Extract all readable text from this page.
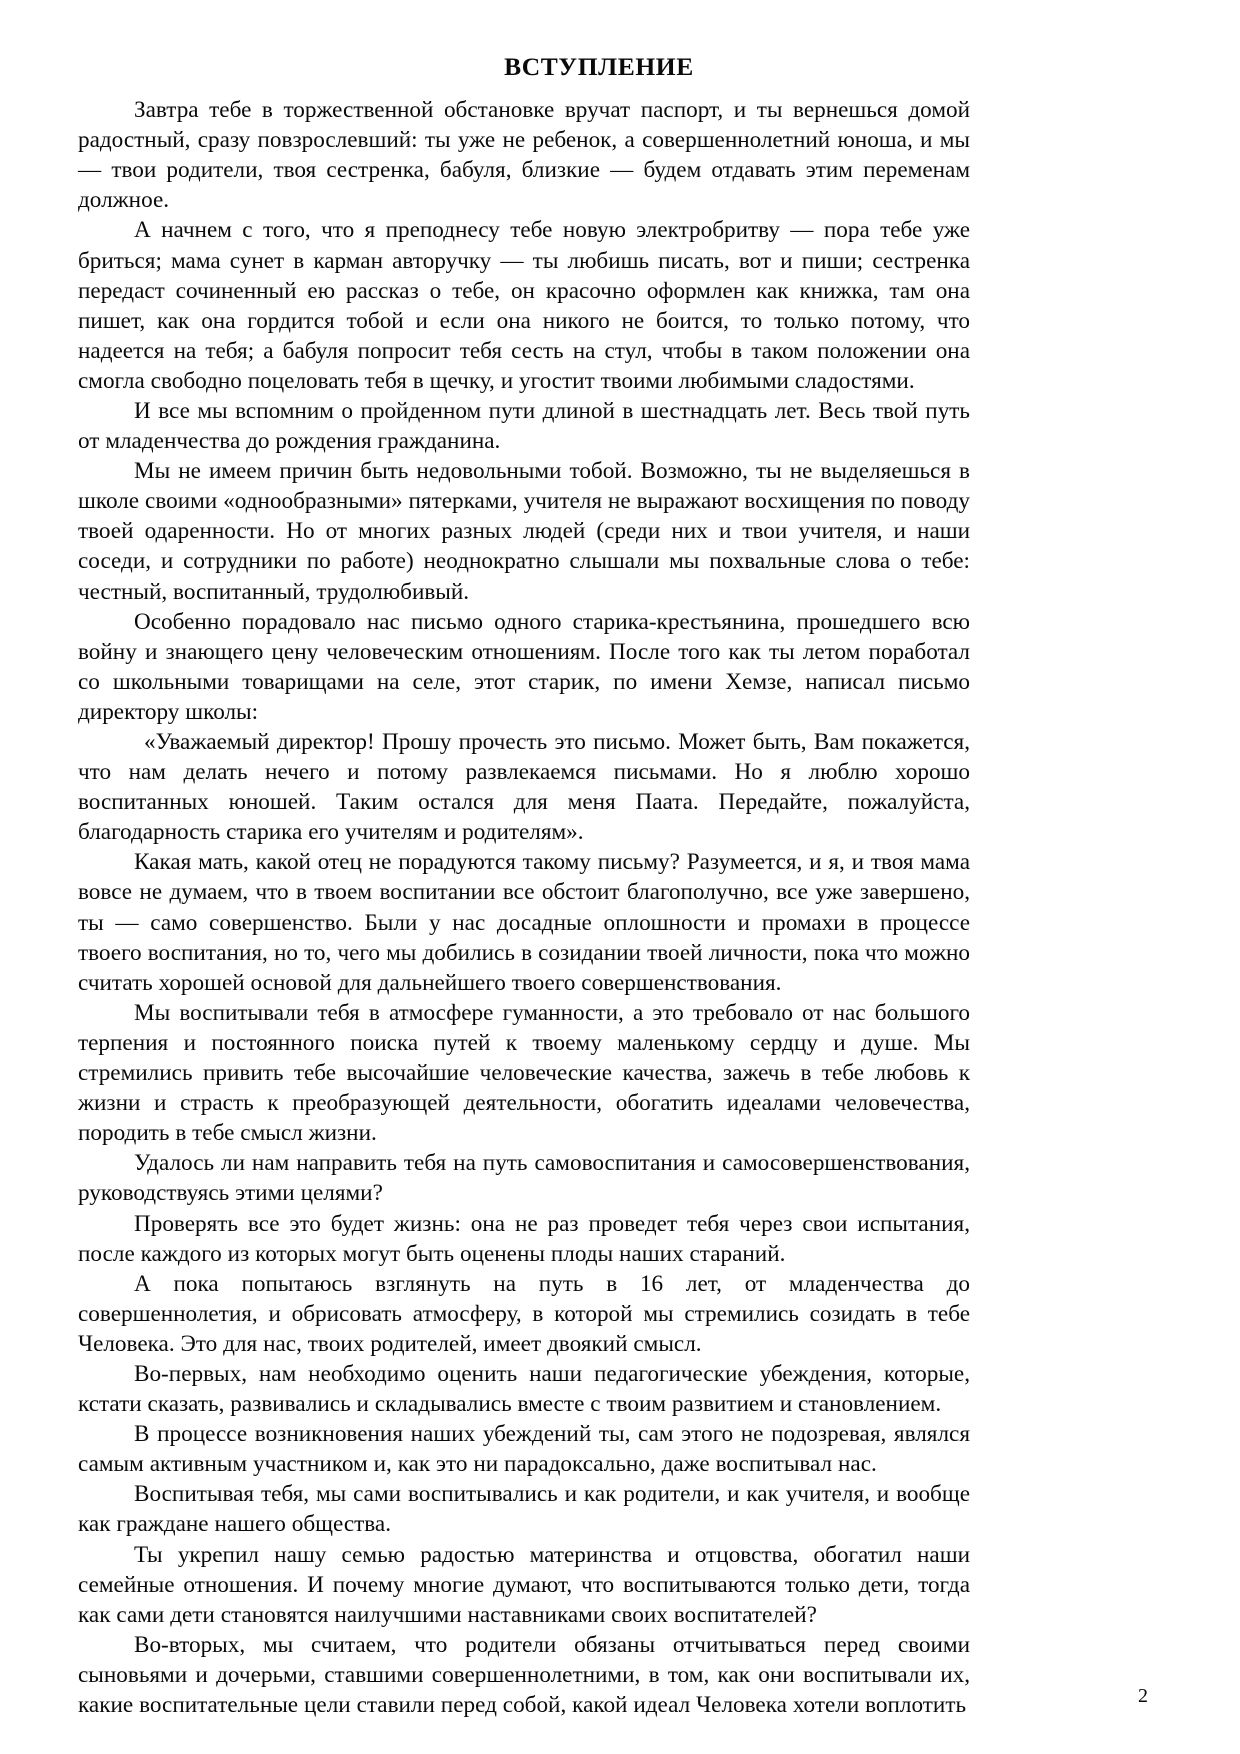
ВСТУПЛЕНИЕ

Завтра тебе в торжественной обстановке вручат паспорт, и ты вернешься домой радостный, сразу повзрослевший: ты уже не ребенок, а совершеннолетний юноша, и мы — твои родители, твоя сестренка, бабуля, близкие — будем отдавать этим переменам должное.

А начнем с того, что я преподнесу тебе новую электробритву — пора тебе уже бриться; мама сунет в карман авторучку — ты любишь писать, вот и пиши; сестренка передаст сочиненный ею рассказ о тебе, он красочно оформлен как книжка, там она пишет, как она гордится тобой и если она никого не боится, то только потому, что надеется на тебя; а бабуля попросит тебя сесть на стул, чтобы в таком положении она смогла свободно поцеловать тебя в щечку, и угостит твоими любимыми сладостями.

И все мы вспомним о пройденном пути длиной в шестнадцать лет. Весь твой путь от младенчества до рождения гражданина.

Мы не имеем причин быть недовольными тобой. Возможно, ты не выделяешься в школе своими «однообразными» пятерками, учителя не выражают восхищения по поводу твоей одаренности. Но от многих разных людей (среди них и твои учителя, и наши соседи, и сотрудники по работе) неоднократно слышали мы похвальные слова о тебе: честный, воспитанный, трудолюбивый.

Особенно порадовало нас письмо одного старика-крестьянина, прошедшего всю войну и знающего цену человеческим отношениям. После того как ты летом поработал со школьными товарищами на селе, этот старик, по имени Хемзе, написал письмо директору школы:

«Уважаемый директор! Прошу прочесть это письмо. Может быть, Вам покажется, что нам делать нечего и потому развлекаемся письмами. Но я люблю хорошо воспитанных юношей. Таким остался для меня Паата. Передайте, пожалуйста, благодарность старика его учителям и родителям».

Какая мать, какой отец не порадуются такому письму? Разумеется, и я, и твоя мама вовсе не думаем, что в твоем воспитании все обстоит благополучно, все уже завершено, ты — само совершенство. Были у нас досадные оплошности и промахи в процессе твоего воспитания, но то, чего мы добились в созидании твоей личности, пока что можно считать хорошей основой для дальнейшего твоего совершенствования.

Мы воспитывали тебя в атмосфере гуманности, а это требовало от нас большого терпения и постоянного поиска путей к твоему маленькому сердцу и душе. Мы стремились привить тебе высочайшие человеческие качества, зажечь в тебе любовь к жизни и страсть к преобразующей деятельности, обогатить идеалами человечества, породить в тебе смысл жизни.

Удалось ли нам направить тебя на путь самовоспитания и самосовершенствования, руководствуясь этими целями?

Проверять все это будет жизнь: она не раз проведет тебя через свои испытания, после каждого из которых могут быть оценены плоды наших стараний.

А пока попытаюсь взглянуть на путь в 16 лет, от младенчества до совершеннолетия, и обрисовать атмосферу, в которой мы стремились созидать в тебе Человека. Это для нас, твоих родителей, имеет двоякий смысл.

Во-первых, нам необходимо оценить наши педагогические убеждения, которые, кстати сказать, развивались и складывались вместе с твоим развитием и становлением.

В процессе возникновения наших убеждений ты, сам этого не подозревая, являлся самым активным участником и, как это ни парадоксально, даже воспитывал нас.

Воспитывая тебя, мы сами воспитывались и как родители, и как учителя, и вообще как граждане нашего общества.

Ты укрепил нашу семью радостью материнства и отцовства, обогатил наши семейные отношения. И почему многие думают, что воспитываются только дети, тогда как сами дети становятся наилучшими наставниками своих воспитателей?

Во-вторых, мы считаем, что родители обязаны отчитываться перед своими сыновьями и дочерьми, ставшими совершеннолетними, в том, как они воспитывали их, какие воспитательные цели ставили перед собой, какой идеал Человека хотели воплотить	2
